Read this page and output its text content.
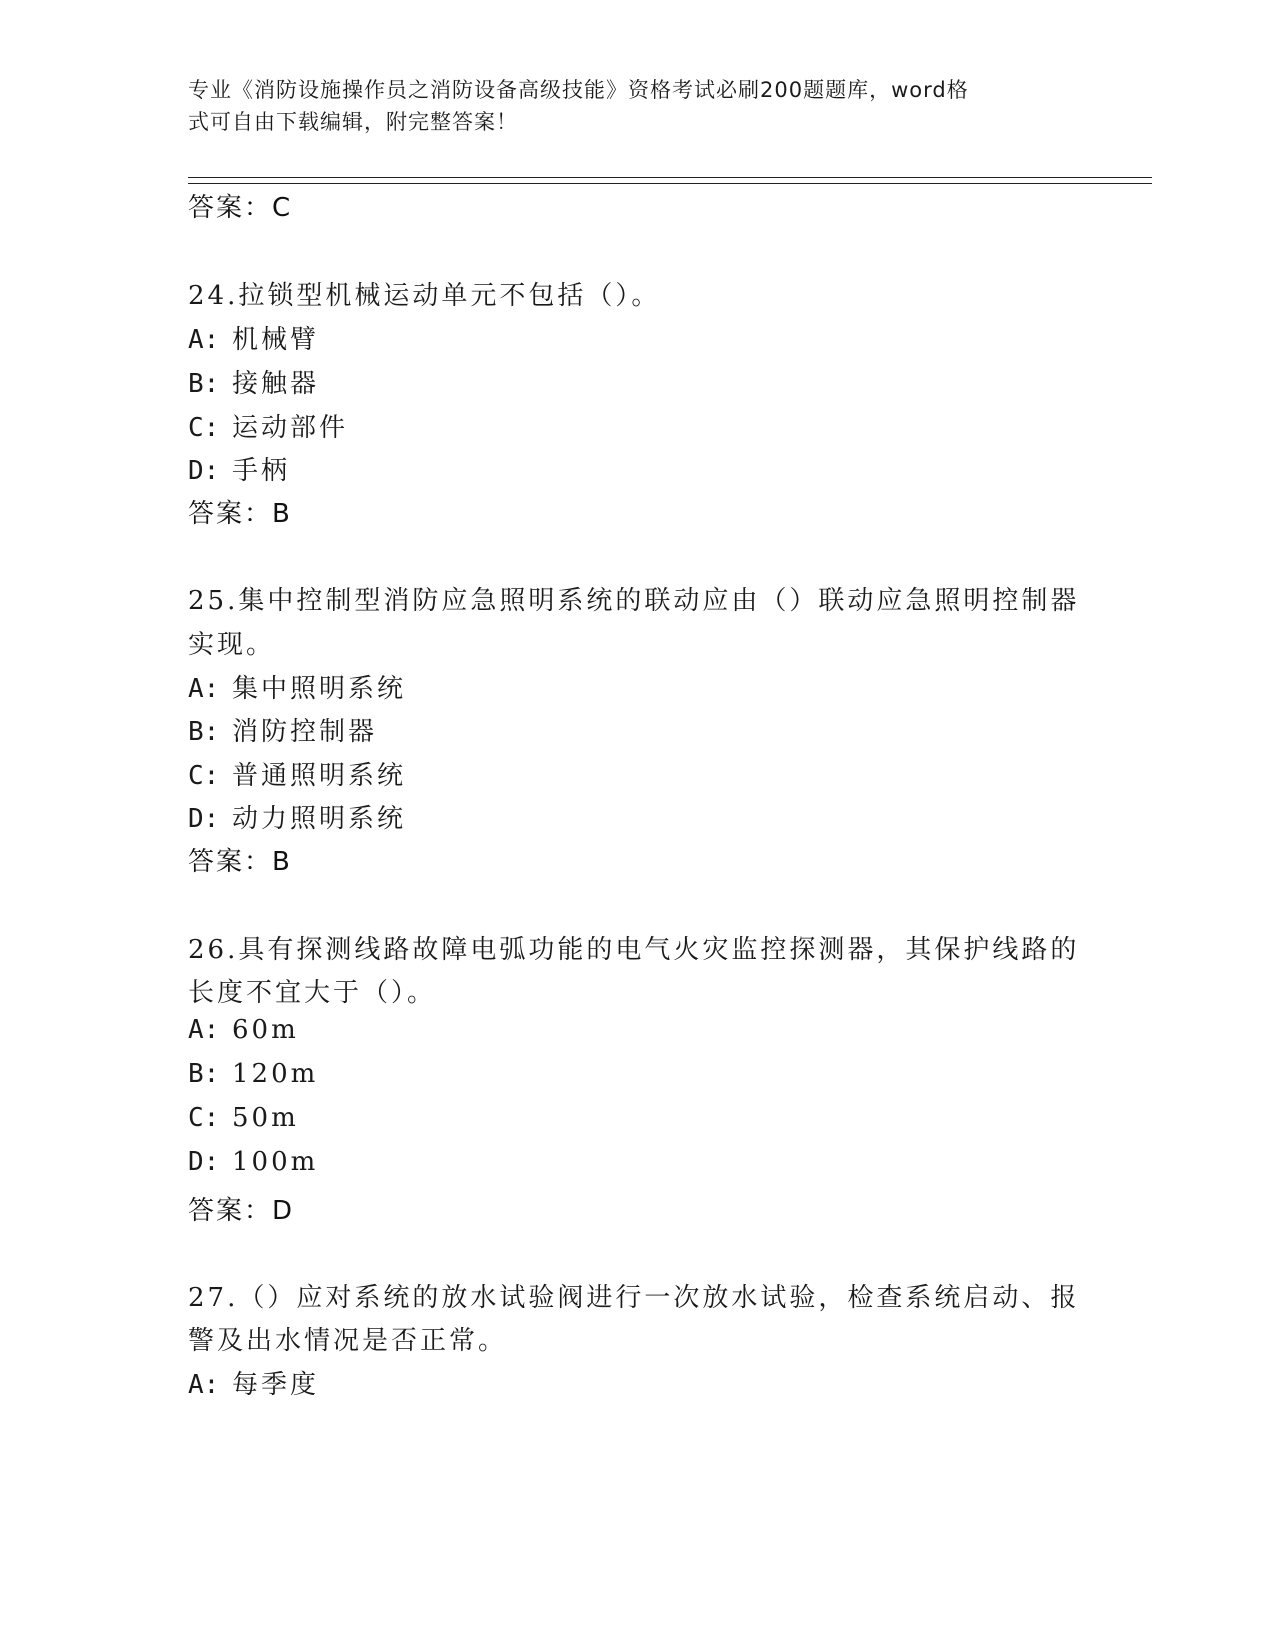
专业《消防设施操作员之消防设备高级技能》资格考试必刷200题题库，word格
式可自由下载编辑，附完整答案！
答案：C
24.拉锁型机械运动单元不包括（）。
A: 机械臂
B: 接触器
C: 运动部件
D: 手柄
答案：B
25.集中控制型消防应急照明系统的联动应由（）联动应急照明控制器
实现。
A: 集中照明系统
B: 消防控制器
C: 普通照明系统
D: 动力照明系统
答案：B
26.具有探测线路故障电弧功能的电气火灾监控探测器，其保护线路的
长度不宜大于（）。
A: 60m
B: 120m
C: 50m
D: 100m
答案：D
27.（）应对系统的放水试验阀进行一次放水试验，检查系统启动、报
警及出水情况是否正常。
A: 每季度
